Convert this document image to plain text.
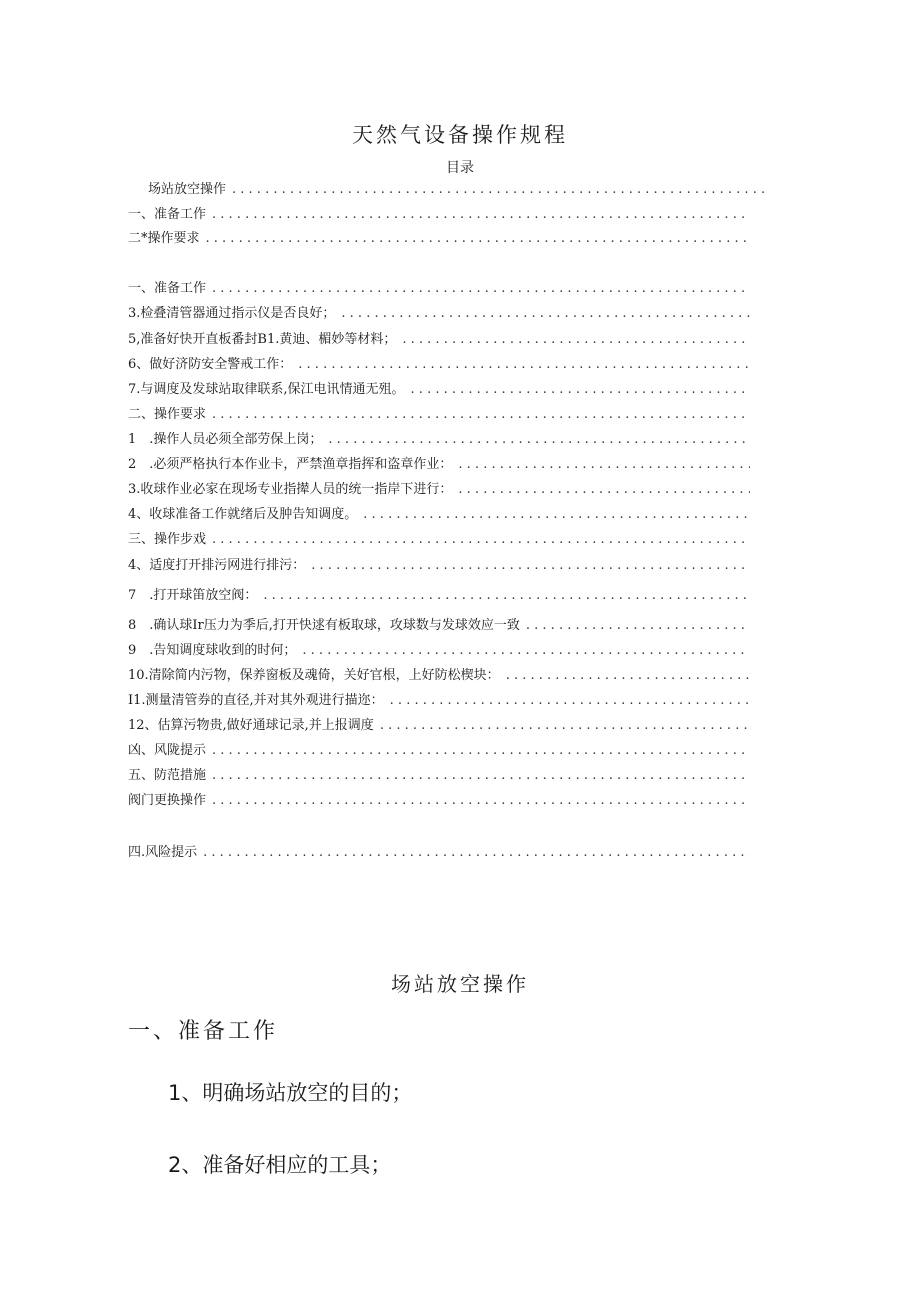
天然气设备操作规程
目录
场站放空操作
. . .
一、准备工作
. . .
二*操作要求
. . .
一、准备工作
. . .
3.检叠清管器通过指示仪是否良好；
. . .
5,准备好快开直板番封B1.黄迪、楣妙等材料；
. . .
6、做好济防安全警戒工作：
. . .
7.与调度及发球站取律联系,保江电讯情通无殂。
. . .
二、操作要求
. . .
1　.操作人员必须全部劳保上岗；
. . .
2　.必须严格执行本作业卡，严禁渔章指挥和盗章作业：
. . .
3.收球作业必家在现场专业指撵人员的统一指岸下进行：
. . .
4、收球准备工作就绪后及肿告知调度。
. . .
三、操作步戏
. . .
4、适度打开排污网进行排污：
. . .
7　.打开球笛放空阀：
. . .
8　.确认球Ir压力为季后,打开快逑有板取球，攻球数与发球效应一致
. . .
9　.告知调度球收到的时何；
. . .
10.清除简内污物，保养窗板及魂倚，关好官根，上好防松楔块：
. . .
I1.测量清管券的直径,并对其外观进行描迩：
. . .
12、估算污物贵,做好通球记录,并上报调度
. . .
凶、风陇提示
. . .
五、防范措施
. . .
阀门更换操作
. . .
四.风险提示
. . .
场站放空操作
一、准备工作
1、明确场站放空的目的；
2、准备好相应的工具；
